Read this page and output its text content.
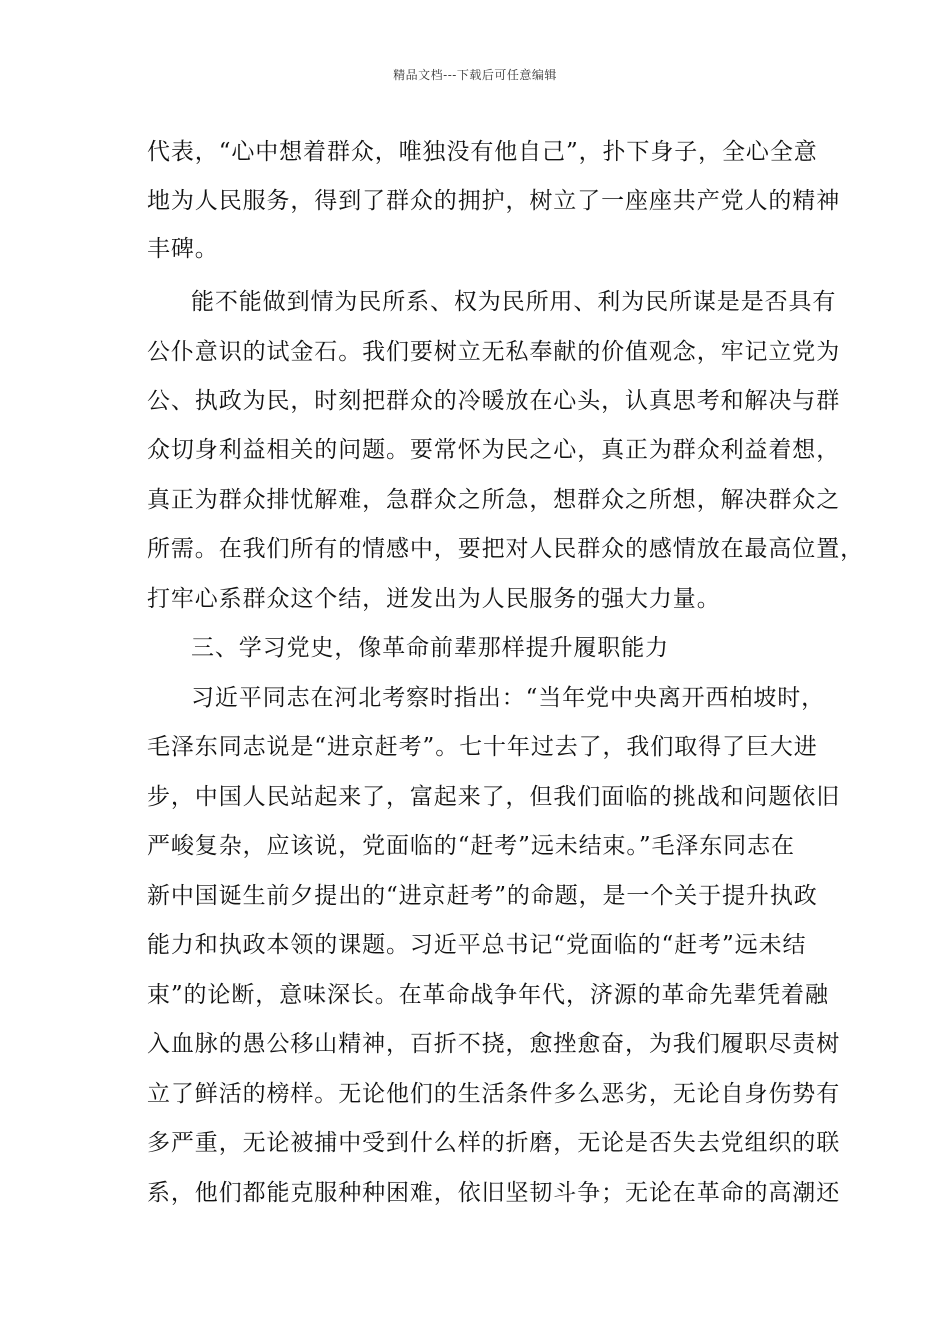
精品文档---下载后可任意编辑
代表，“心中想着群众，唯独没有他自己”，扑下身子，全心全意
地为人民服务，得到了群众的拥护，树立了一座座共产党人的精神
丰碑。
能不能做到情为民所系、权为民所用、利为民所谋是是否具有
公仆意识的试金石。我们要树立无私奉献的价值观念，牢记立党为
公、执政为民，时刻把群众的冷暖放在心头，认真思考和解决与群
众切身利益相关的问题。要常怀为民之心，真正为群众利益着想，
真正为群众排忧解难，急群众之所急，想群众之所想，解决群众之
所需。在我们所有的情感中，要把对人民群众的感情放在最高位置，
打牢心系群众这个结，迸发出为人民服务的强大力量。
三、学习党史，像革命前辈那样提升履职能力
习近平同志在河北考察时指出：“当年党中央离开西柏坡时，
毛泽东同志说是“进京赶考”。七十年过去了，我们取得了巨大进
步，中国人民站起来了，富起来了，但我们面临的挑战和问题依旧
严峻复杂，应该说，党面临的“赶考”远未结束。”毛泽东同志在
新中国诞生前夕提出的“进京赶考”的命题，是一个关于提升执政
能力和执政本领的课题。习近平总书记“党面临的“赶考”远未结
束”的论断，意味深长。在革命战争年代，济源的革命先辈凭着融
入血脉的愚公移山精神，百折不挠，愈挫愈奋，为我们履职尽责树
立了鲜活的榜样。无论他们的生活条件多么恶劣，无论自身伤势有
多严重，无论被捕中受到什么样的折磨，无论是否失去党组织的联
系，他们都能克服种种困难，依旧坚韧斗争；无论在革命的高潮还
